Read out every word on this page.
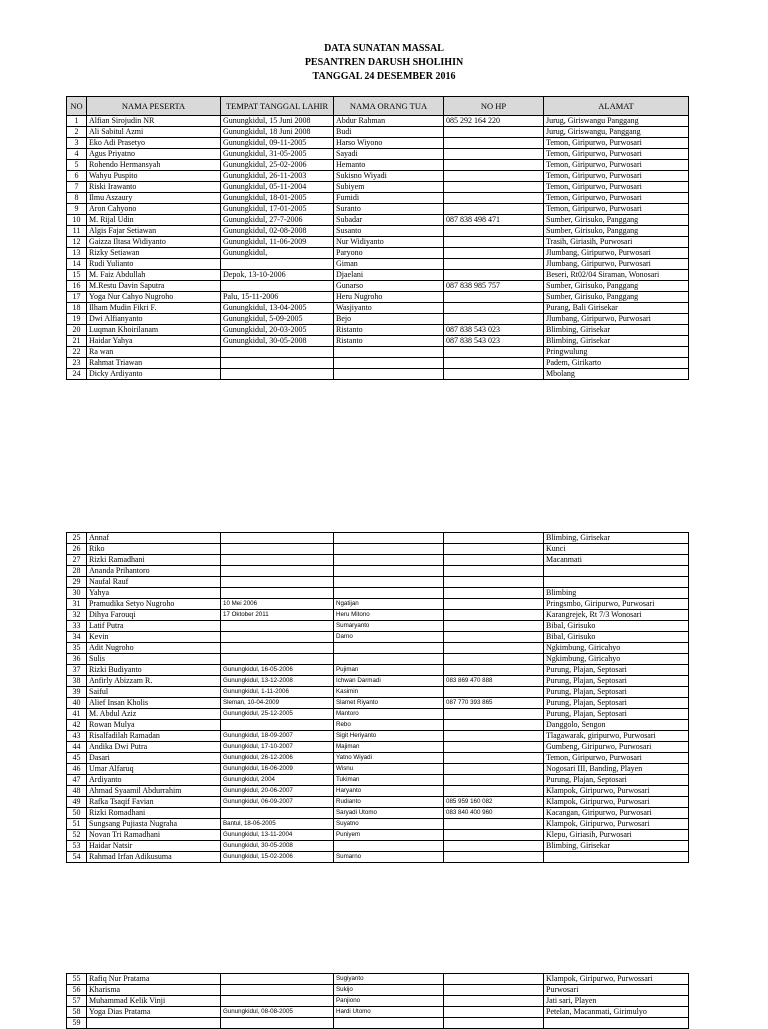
DATA SUNATAN MASSAL
PESANTREN DARUSH SHOLIHIN
TANGGAL 24 DESEMBER 2016
NO	NAMA PESERTA	TEMPAT TANGGAL LAHIR	NAMA ORANG TUA	NO HP	ALAMAT
1	Alfian Sirojudin NR	Gunungkidul, 15 Juni 2008	Abdur Rahman	085 292 164 220	Jurug, Giriswangu Panggang
2	Ali Sabitul Azmi	Gunungkidul, 18 Juni 2008	Budi		Jurug, Giriswangu, Panggang
3	Eko Adi Prasetyo	Gunungkidul, 09-11-2005	Harso Wiyono		Temon, Giripurwo, Purwosari
4	Agus Priyatno	Gunungkidul, 31-05-2005	Sayadi		Temon, Giripurwo, Purwosari
5	Rohendo Hermansyah	Gunungkidul, 25-02-2006	Hemanto		Temon, Giripurwo, Purwosari
6	Wahyu Puspito	Gunungkidul, 26-11-2003	Sukisno Wiyadi		Temon, Giripurwo, Purwosari
7	Riski Irawanto	Gunungkidul, 05-11-2004	Subiyem		Temon, Giripurwo, Purwosari
8	Ilmu Aszaury	Gunungkidul, 18-01-2005	Fumidi		Temon, Giripurwo, Purwosari
9	Aron Cahyono	Gunungkidul, 17-01-2005	Suranto		Temon, Giripurwo, Purwosari
10	M. Rijal Udin	Gunungkidul, 27-7-2006	Subadar	087 838 498 471	Sumber, Girisuko, Panggang
11	Algis Fajar Setiawan	Gunungkidul, 02-08-2008	Susanto		Sumber, Girisuko, Panggang
12	Gaizza Iltasa Widiyanto	Gunungkidul, 11-06-2009	Nur Widiyanto		Trasih, Giriasih, Purwosari
13	Rizky Setiawan	Gunungkidul,	Paryono		Jlumbang, Giripurwo, Purwosari
14	Rudi Yulianto		Giman		Jlumbang, Giripurwo, Purwosari
15	M. Faiz Abdullah	Depok, 13-10-2006	Djaelani		Beseri, Rt02/04 Siraman, Wonosari
16	M.Restu Davin Saputra		Gunarso	087 838 985 757	Sumber, Girisuko, Panggang
17	Yoga Nur Cahyo Nugroho	Palu, 15-11-2006	Heru Nugroho		Sumber, Girisuko, Panggang
18	Ilham Mudin Fikri F.	Gunungkidul, 13-04-2005	Wasjiyanto		Purang, Bali Girisekar
19	Dwi Alfianyanto	Gunungkidul, 5-09-2005	Bejo		Jlumbang, Giripurwo, Purwosari
20	Luqman Khoirilanam	Gunungkidul, 20-03-2005	Ristanto	087 838 543 023	Blimbing, Girisekar
21	Haidar Yahya	Gunungkidul, 30-05-2008	Ristanto	087 838 543 023	Blimbing, Girisekar
22	Ra wan				Pringwulung
23	Rahmat Triawan				Padem, Girikarto
24	Dicky Ardiyanto				Mbolang
25	Annaf				Blimbing, Girisekar
26	Riko				Kunci
27	Rizki Ramadhani				Macanmati
28	Ananda Prihantoro				
29	Naufal Rauf				
30	Yahya				Blimbing
31	Pramudika Setyo Nugroho	10 Mei 2006	Ngatijan		Pringsmbo, Giripurwo, Purwosari
32	Dihya Farouqi	17 Oktober 2011	Heru Mitono		Karangrejek, Rt 7/3 Wonosari
33	Latif Putra		Sumaryanto		Bibal, Girisuko
34	Kevin		Darno		Bibal, Girisuko
35	Adit Nugroho				Ngkimbung, Giricahyo
36	Sulis				Ngkimbung, Giricahyo
37	Rizki Budiyanto	Gunungkidul, 16-05-2006	Pujiman		Purung, Plajan, Septosari
38	Anfirly Abizzam R.	Gunungkidul, 13-12-2008	Ichwan Darmadi	083 869 470 888	Purung, Plajan, Septosari
39	Saiful	Gunungkidul, 1-11-2006	Kasimin		Purung, Plajan, Septosari
40	Alief Insan Kholis	Sleman, 10-04-2009	Slamet Riyanto	087 770 393 865	Purung, Plajan, Septosari
41	M. Abdul Aziz	Gunungkidul, 25-12-2005	Mantoro		Purung, Plajan, Septosari
42	Rowan Mulya		Rebo		Danggolo, Sengon
43	Risalfadilah Ramadan	Gunungkidul, 18-09-2007	Sigit Heriyanto		Tlagawarak, giripurwo, Purwosari
44	Andika Dwi Putra	Gunungkidul, 17-10-2007	Majiman		Gumbeng, Giripurwo, Purwosari
45	Dasari	Gunungkidul, 26-12-2006	Yatno Wiyadi		Temon, Giripurwo, Purwosari
46	Umar Alfaruq	Gunungkidul, 16-06-2009	Wisnu		Nogosari III, Banding, Playen
47	Ardiyanto	Gunungkidul, 2004	Tukiman		Purung, Plajan, Septosari
48	Ahmad Syaamil Abdurrahim	Gunungkidul, 20-06-2007	Haryanto		Klampok, Giripurwo, Purwosari
49	Rafka Tsaqif Favian	Gunungkidul, 06-09-2007	Rudianto	085 959 160 082	Klampok, Giripurwo, Purwosari
50	Rizki Romadhani		Saryadi Utomo	083 840 400 960	Kacangan, Giripurwo, Purwosari
51	Sungsang Pujiasta Nugraha	Bantul, 18-06-2005	Suyatno		Klampok, Giripurwo, Purwosari
52	Novan Tri Ramadhani	Gunungkidul, 13-11-2004	Puniyem		Klepu, Giriasih, Purwosari
53	Haidar Natsir	Gunungkidul, 30-05-2008			Blimbing, Girisekar
54	Rahmad Irfan Adikusuma	Gunungkidul, 15-02-2006	Sumarno		
55	Rafiq Nur Pratama		Sugiyanto		Klampok, Giripurwo, Purwossari
56	Kharisma		Sukijo		Purwosari
57	Muhammad Kelik Vinji		Panjiono		Jati sari, Playen
58	Yoga Dias Pratama	Gunungkidul, 08-08-2005	Hardi Utomo		Petelan, Macanmati, Girimulyo
59					
